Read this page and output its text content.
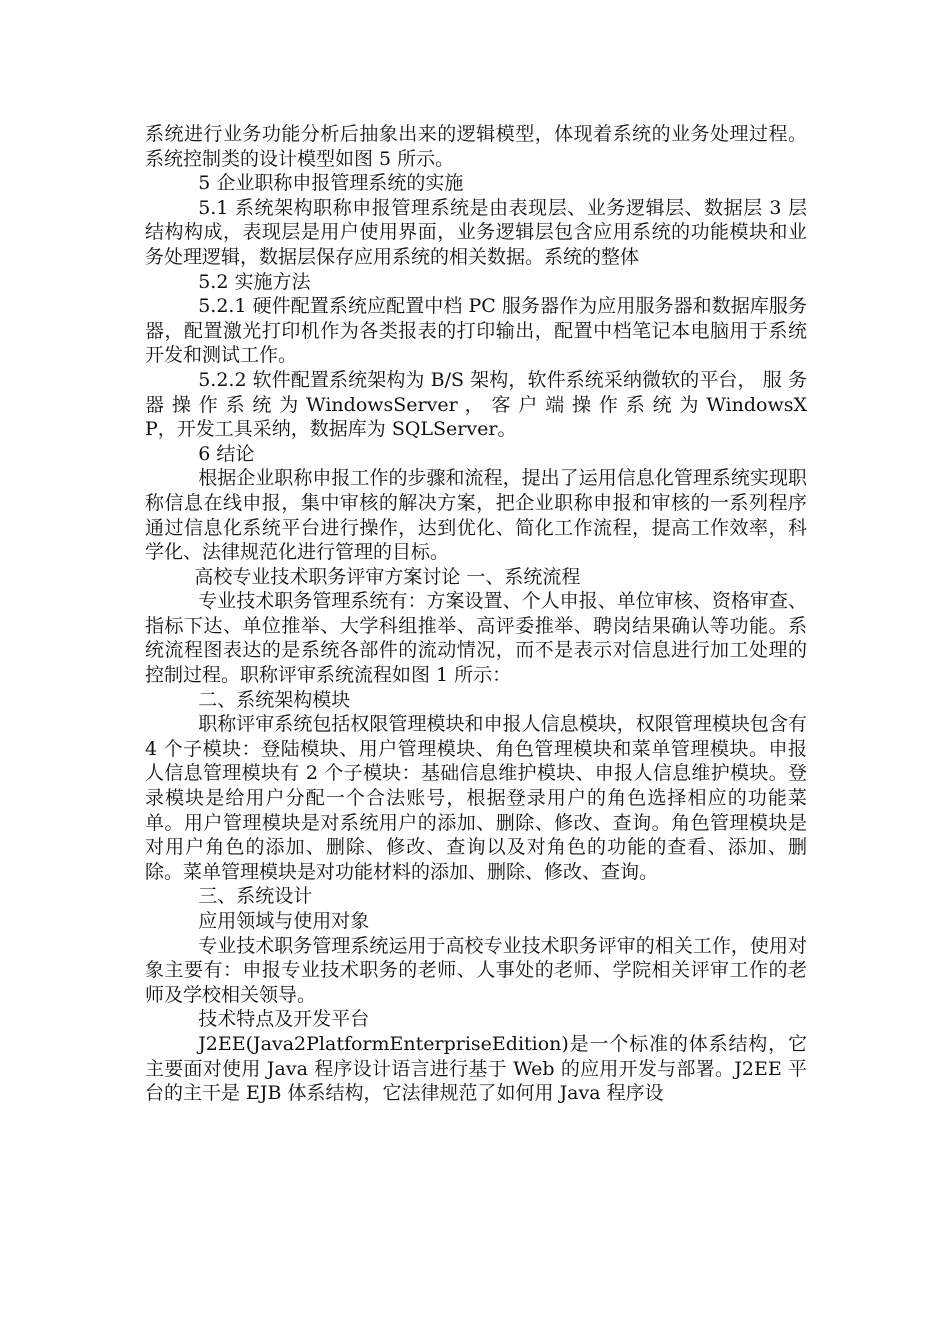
系统进行业务功能分析后抽象出来的逻辑模型，体现着系统的业务处理过程。系统控制类的设计模型如图 5 所示。

5 企业职称申报管理系统的实施

5.1 系统架构职称申报管理系统是由表现层、业务逻辑层、数据层 3 层结构构成，表现层是用户使用界面，业务逻辑层包含应用系统的功能模块和业务处理逻辑，数据层保存应用系统的相关数据。系统的整体

5.2 实施方法

5.2.1 硬件配置系统应配置中档 PC 服务器作为应用服务器和数据库服务器，配置激光打印机作为各类报表的打印输出，配置中档笔记本电脑用于系统开发和测试工作。

5.2.2 软件配置系统架构为 B/S 架构，软件系统采纳微软的平台， 服 务 器 操 作 系 统 为 WindowsServer ， 客 户 端 操 作 系 统 为 WindowsXP，开发工具采纳，数据库为 SQLServer。

6 结论

根据企业职称申报工作的步骤和流程，提出了运用信息化管理系统实现职称信息在线申报，集中审核的解决方案，把企业职称申报和审核的一系列程序通过信息化系统平台进行操作，达到优化、简化工作流程，提高工作效率，科学化、法律规范化进行管理的目标。

高校专业技术职务评审方案讨论 一、系统流程

专业技术职务管理系统有：方案设置、个人申报、单位审核、资格审查、指标下达、单位推举、大学科组推举、高评委推举、聘岗结果确认等功能。系统流程图表达的是系统各部件的流动情况，而不是表示对信息进行加工处理的控制过程。职称评审系统流程如图 1 所示：

二、系统架构模块

职称评审系统包括权限管理模块和申报人信息模块，权限管理模块包含有 4 个子模块：登陆模块、用户管理模块、角色管理模块和菜单管理模块。申报人信息管理模块有 2 个子模块：基础信息维护模块、申报人信息维护模块。登录模块是给用户分配一个合法账号，根据登录用户的角色选择相应的功能菜单。用户管理模块是对系统用户的添加、删除、修改、查询。角色管理模块是对用户角色的添加、删除、修改、查询以及对角色的功能的查看、添加、删除。菜单管理模块是对功能材料的添加、删除、修改、查询。

三、系统设计

应用领域与使用对象

专业技术职务管理系统运用于高校专业技术职务评审的相关工作，使用对象主要有：申报专业技术职务的老师、人事处的老师、学院相关评审工作的老师及学校相关领导。

技术特点及开发平台

J2EE(Java2PlatformEnterpriseEdition)是一个标准的体系结构，它主要面对使用 Java 程序设计语言进行基于 Web 的应用开发与部署。J2EE 平台的主干是 EJB 体系结构，它法律规范了如何用 Java 程序设
